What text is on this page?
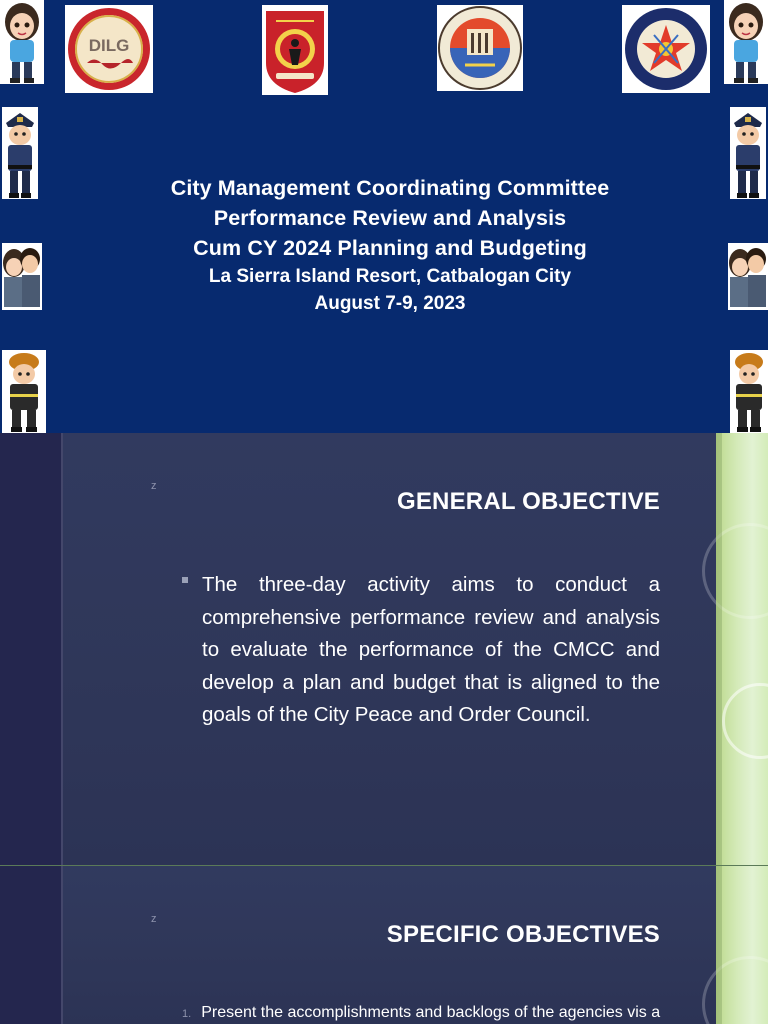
DILG
City Management Coordinating Committee
Performance Review and Analysis
Cum CY 2024 Planning and Budgeting
La Sierra Island Resort, Catbalogan City
August 7-9, 2023
z
GENERAL OBJECTIVE
The three-day activity aims to conduct a comprehensive performance review and analysis to evaluate the performance of the CMCC and develop a plan and budget that is aligned to the goals of the City Peace and Order Council.
z
SPECIFIC OBJECTIVES
1. Present the accomplishments and backlogs of the agencies vis a
